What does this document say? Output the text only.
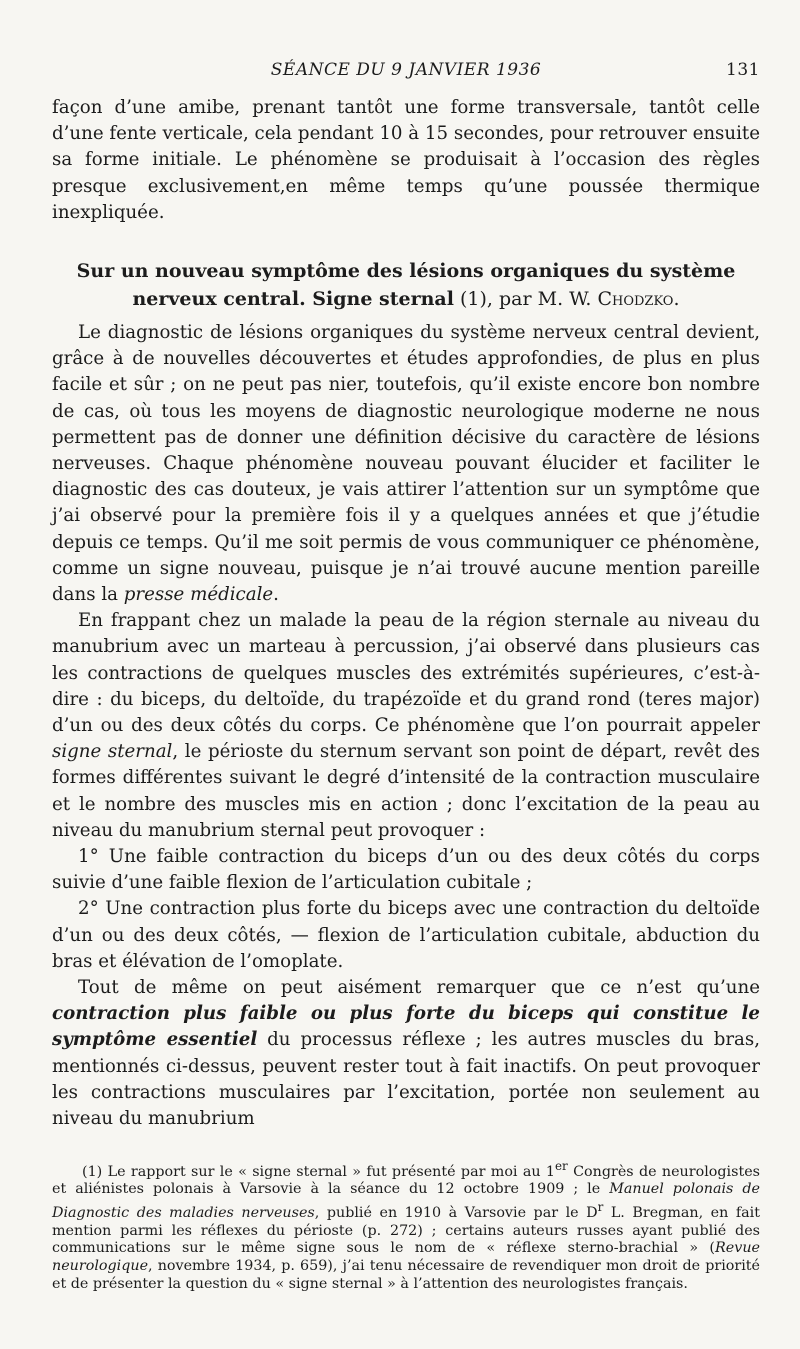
SÉANCE DU 9 JANVIER 1936	131

façon d’une amibe, prenant tantôt une forme transversale, tantôt celle d’une fente verticale, cela pendant 10 à 15 secondes, pour retrouver ensuite sa forme initiale. Le phénomène se produisait à l’occasion des règles presque exclusivement,en même temps qu’une poussée thermique inexpliquée.

Sur un nouveau symptôme des lésions organiques du système
nerveux central. Signe sternal (1), par M. W. Chodzko.

Le diagnostic de lésions organiques du système nerveux central devient, grâce à de nouvelles découvertes et études approfondies, de plus en plus facile et sûr ; on ne peut pas nier, toutefois, qu’il existe encore bon nombre de cas, où tous les moyens de diagnostic neurologique moderne ne nous permettent pas de donner une définition décisive du caractère de lésions nerveuses. Chaque phénomène nouveau pouvant élucider et faciliter le diagnostic des cas douteux, je vais attirer l’attention sur un symptôme que j’ai observé pour la première fois il y a quelques années et que j’étudie depuis ce temps. Qu’il me soit permis de vous communiquer ce phénomène, comme un signe nouveau, puisque je n’ai trouvé aucune mention pareille dans la presse médicale.

En frappant chez un malade la peau de la région sternale au niveau du manubrium avec un marteau à percussion, j’ai observé dans plusieurs cas les contractions de quelques muscles des extrémités supérieures, c’est-à-dire : du biceps, du deltoïde, du trapézoïde et du grand rond (teres major) d’un ou des deux côtés du corps. Ce phénomène que l’on pourrait appeler signe sternal, le périoste du sternum servant son point de départ, revêt des formes différentes suivant le degré d’intensité de la contraction musculaire et le nombre des muscles mis en action ; donc l’excitation de la peau au niveau du manubrium sternal peut provoquer :

1° Une faible contraction du biceps d’un ou des deux côtés du corps suivie d’une faible flexion de l’articulation cubitale ;

2° Une contraction plus forte du biceps avec une contraction du deltoïde d’un ou des deux côtés, — flexion de l’articulation cubitale, abduction du bras et élévation de l’omoplate.

Tout de même on peut aisément remarquer que ce n’est qu’une contraction plus faible ou plus forte du biceps qui constitue le symptôme essentiel du processus réflexe ; les autres muscles du bras, mentionnés ci-dessus, peuvent rester tout à fait inactifs. On peut provoquer les contractions musculaires par l’excitation, portée non seulement au niveau du manubrium

(1) Le rapport sur le « signe sternal » fut présenté par moi au 1er Congrès de neurologistes et aliénistes polonais à Varsovie à la séance du 12 octobre 1909 ; le Manuel polonais de Diagnostic des maladies nerveuses, publié en 1910 à Varsovie par le $D^r$ L. Bregman, en fait mention parmi les réflexes du périoste (p. 272) ; certains auteurs russes ayant publié des communications sur le même signe sous le nom de « réflexe sterno-brachial » (Revue neurologique, novembre 1934, p. 659), j’ai tenu nécessaire de revendiquer mon droit de priorité et de présenter la question du « signe sternal » à l’attention des neurologistes français.
